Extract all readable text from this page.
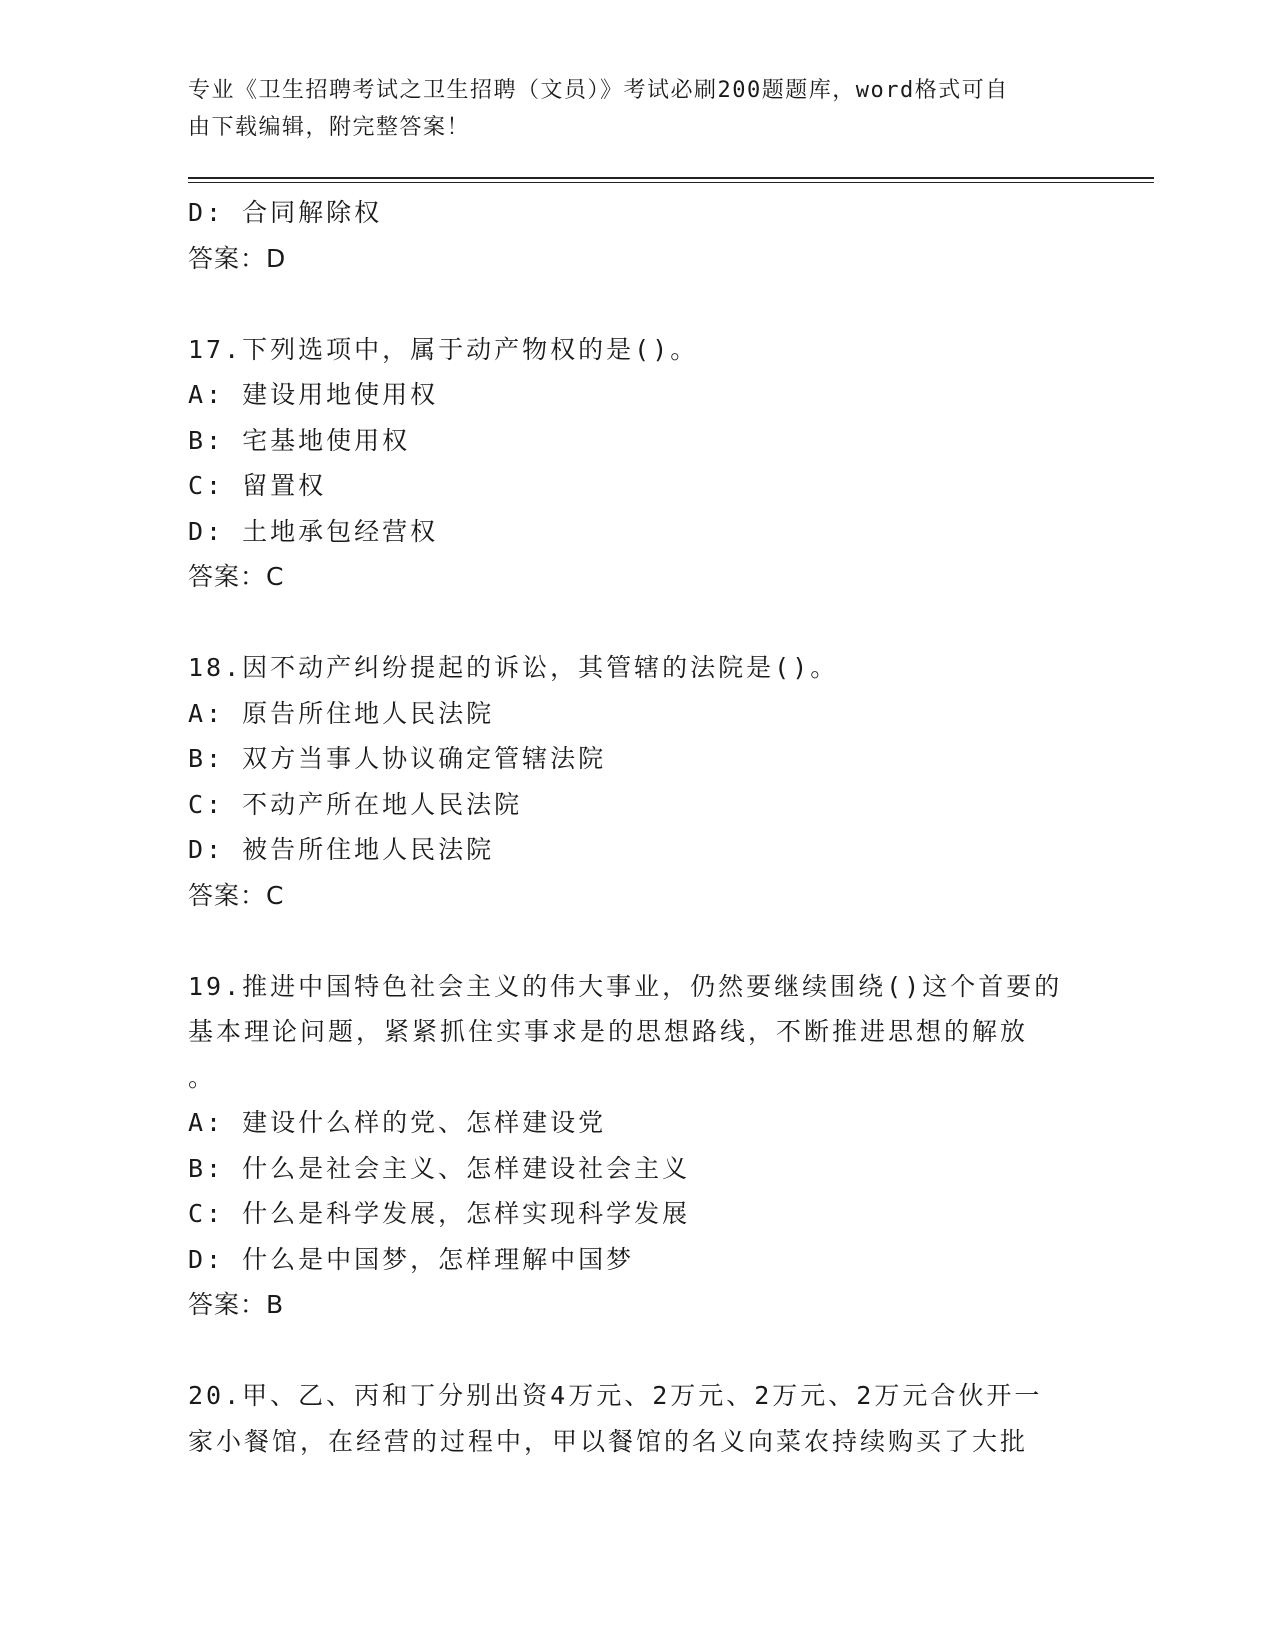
专业《卫生招聘考试之卫生招聘（文员）》考试必刷200题题库，word格式可自
由下载编辑，附完整答案！
D: 合同解除权
答案：D
17.下列选项中，属于动产物权的是()。
A: 建设用地使用权
B: 宅基地使用权
C: 留置权
D: 土地承包经营权
答案：C
18.因不动产纠纷提起的诉讼，其管辖的法院是()。
A: 原告所住地人民法院
B: 双方当事人协议确定管辖法院
C: 不动产所在地人民法院
D: 被告所住地人民法院
答案：C
19.推进中国特色社会主义的伟大事业，仍然要继续围绕()这个首要的
基本理论问题，紧紧抓住实事求是的思想路线，不断推进思想的解放
。
A: 建设什么样的党、怎样建设党
B: 什么是社会主义、怎样建设社会主义
C: 什么是科学发展，怎样实现科学发展
D: 什么是中国梦，怎样理解中国梦
答案：B
20.甲、乙、丙和丁分别出资4万元、2万元、2万元、2万元合伙开一
家小餐馆，在经营的过程中，甲以餐馆的名义向菜农持续购买了大批
